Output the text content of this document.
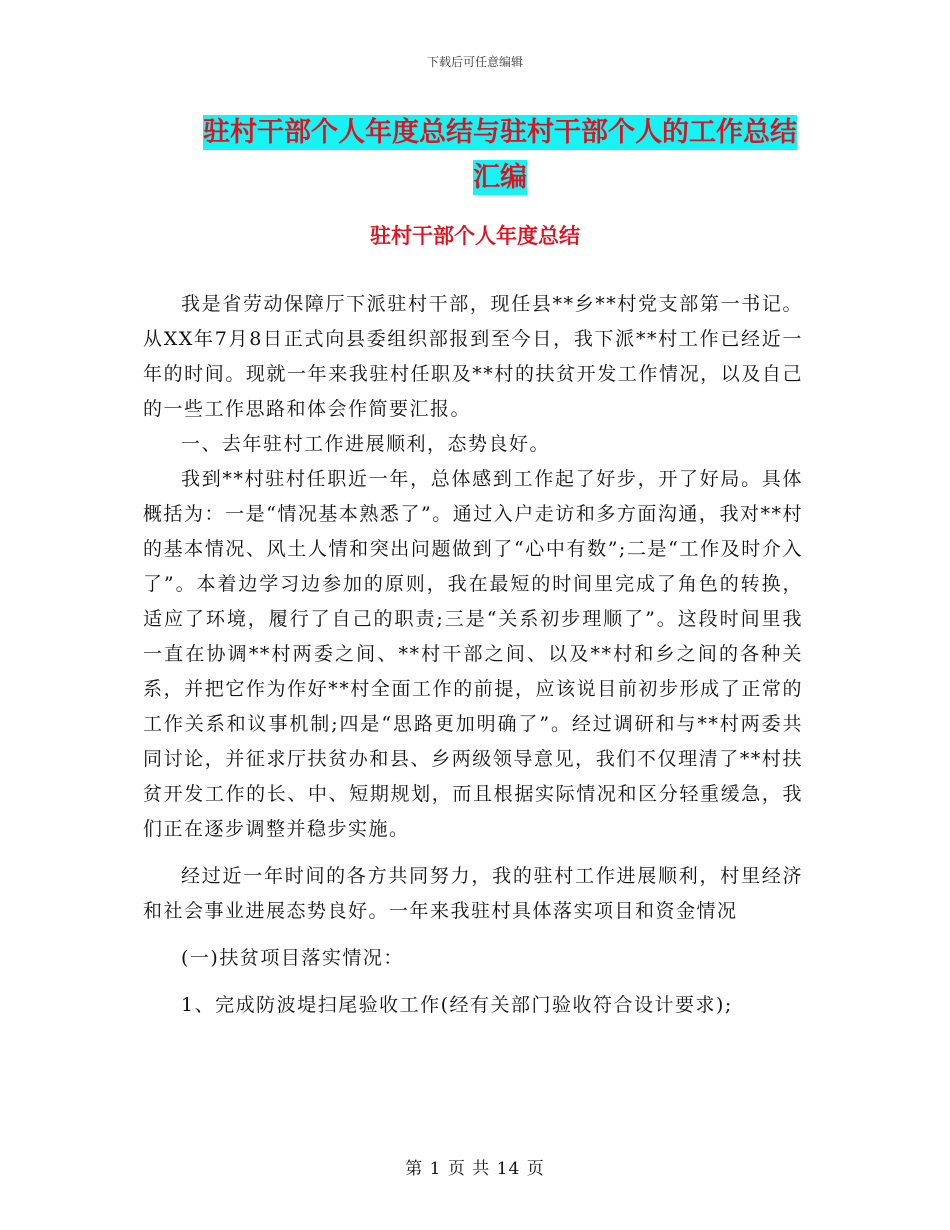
下载后可任意编辑
驻村干部个人年度总结与驻村干部个人的工作总结汇编
驻村干部个人年度总结

我是省劳动保障厅下派驻村干部，现任县**乡**村党支部第一书记。从XX年7月8日正式向县委组织部报到至今日，我下派**村工作已经近一年的时间。现就一年来我驻村任职及**村的扶贫开发工作情况，以及自己的一些工作思路和体会作简要汇报。

一、去年驻村工作进展顺利，态势良好。

我到**村驻村任职近一年，总体感到工作起了好步，开了好局。具体概括为：一是“情况基本熟悉了”。通过入户走访和多方面沟通，我对**村的基本情况、风土人情和突出问题做到了“心中有数”;二是“工作及时介入了”。本着边学习边参加的原则，我在最短的时间里完成了角色的转换，适应了环境，履行了自己的职责;三是“关系初步理顺了”。这段时间里我一直在协调**村两委之间、**村干部之间、以及**村和乡之间的各种关系，并把它作为作好**村全面工作的前提，应该说目前初步形成了正常的工作关系和议事机制;四是“思路更加明确了”。经过调研和与**村两委共同讨论，并征求厅扶贫办和县、乡两级领导意见，我们不仅理清了**村扶贫开发工作的长、中、短期规划，而且根据实际情况和区分轻重缓急，我们正在逐步调整并稳步实施。

经过近一年时间的各方共同努力，我的驻村工作进展顺利，村里经济和社会事业进展态势良好。一年来我驻村具体落实项目和资金情况

(一)扶贫项目落实情况：

1、完成防波堤扫尾验收工作(经有关部门验收符合设计要求);

第 1 页 共 14 页
